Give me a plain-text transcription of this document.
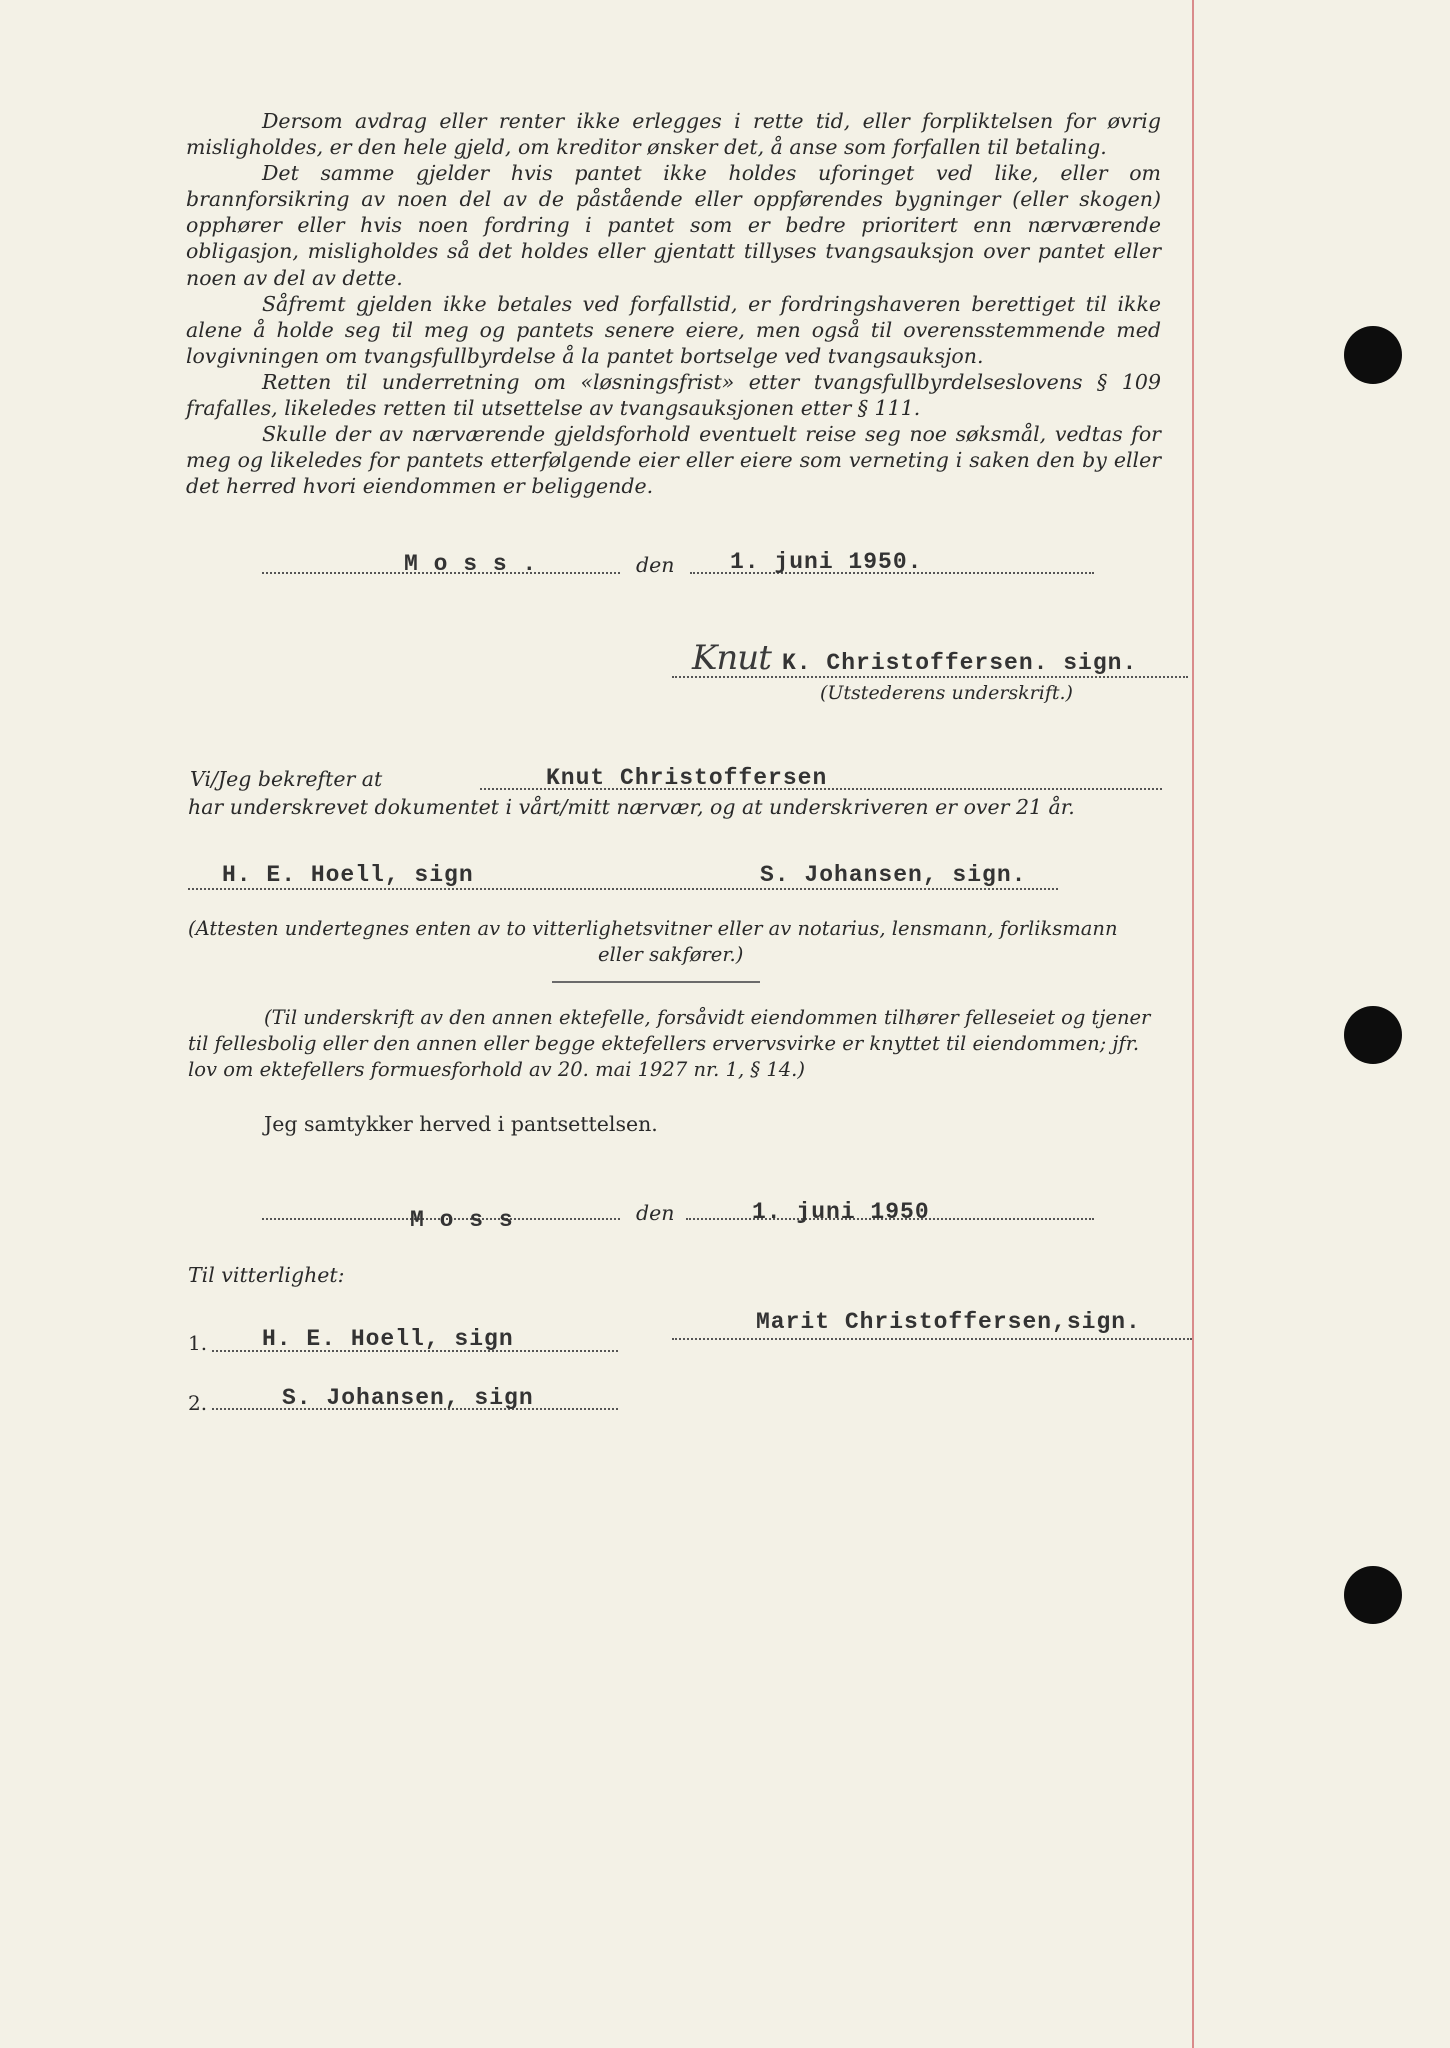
Dersom avdrag eller renter ikke erlegges i rette tid, eller forpliktelsen for øvrig misligholdes, er den hele gjeld, om kreditor ønsker det, å anse som forfallen til betaling.

Det samme gjelder hvis pantet ikke holdes uforinget ved like, eller om brannforsikring av noen del av de påstående eller oppførendes bygninger (eller skogen) opphører eller hvis noen fordring i pantet som er bedre prioritert enn nærværende obligasjon, misligholdes så det holdes eller gjentatt tillyses tvangsauksjon over pantet eller noen av del av dette.

Såfremt gjelden ikke betales ved forfallstid, er fordringshaveren berettiget til ikke alene å holde seg til meg og pantets senere eiere, men også til overensstemmende med lovgivningen om tvangsfullbyrdelse å la pantet bortselge ved tvangsauksjon.

Retten til underretning om «løsningsfrist» etter tvangsfullbyrdelseslovens § 109 frafalles, likeledes retten til utsettelse av tvangsauksjonen etter § 111.

Skulle der av nærværende gjeldsforhold eventuelt reise seg noe søksmål, vedtas for meg og likeledes for pantets etterfølgende eier eller eiere som verneting i saken den by eller det herred hvori eiendommen er beliggende.

M o s s .	den 1. juni 1950.
Knut K. Christoffersen. sign.
(Utstederens underskrift.)
Vi/Jeg bekrefter at	Knut Christoffersen
har underskrevet dokumentet i vårt/mitt nærvær, og at underskriveren er over 21 år.
H. E. Hoell, sign	S. Johansen, sign.
(Attesten undertegnes enten av to vitterlighetsvitner eller av notarius, lensmann, forliksmann
eller sakfører.)
(Til underskrift av den annen ektefelle, forsåvidt eiendommen tilhører felleseiet og tjener
til fellesbolig eller den annen eller begge ektefellers ervervsvirke er knyttet til eiendommen; jfr.
lov om ektefellers formuesforhold av 20. mai 1927 nr. 1, § 14.)
Jeg samtykker herved i pantsettelsen.
M o s s	den	1. juni 1950
Til vitterlighet:
1. H. E. Hoell, sign
2.	S. Johansen, sign
Marit Christoffersen,sign.
